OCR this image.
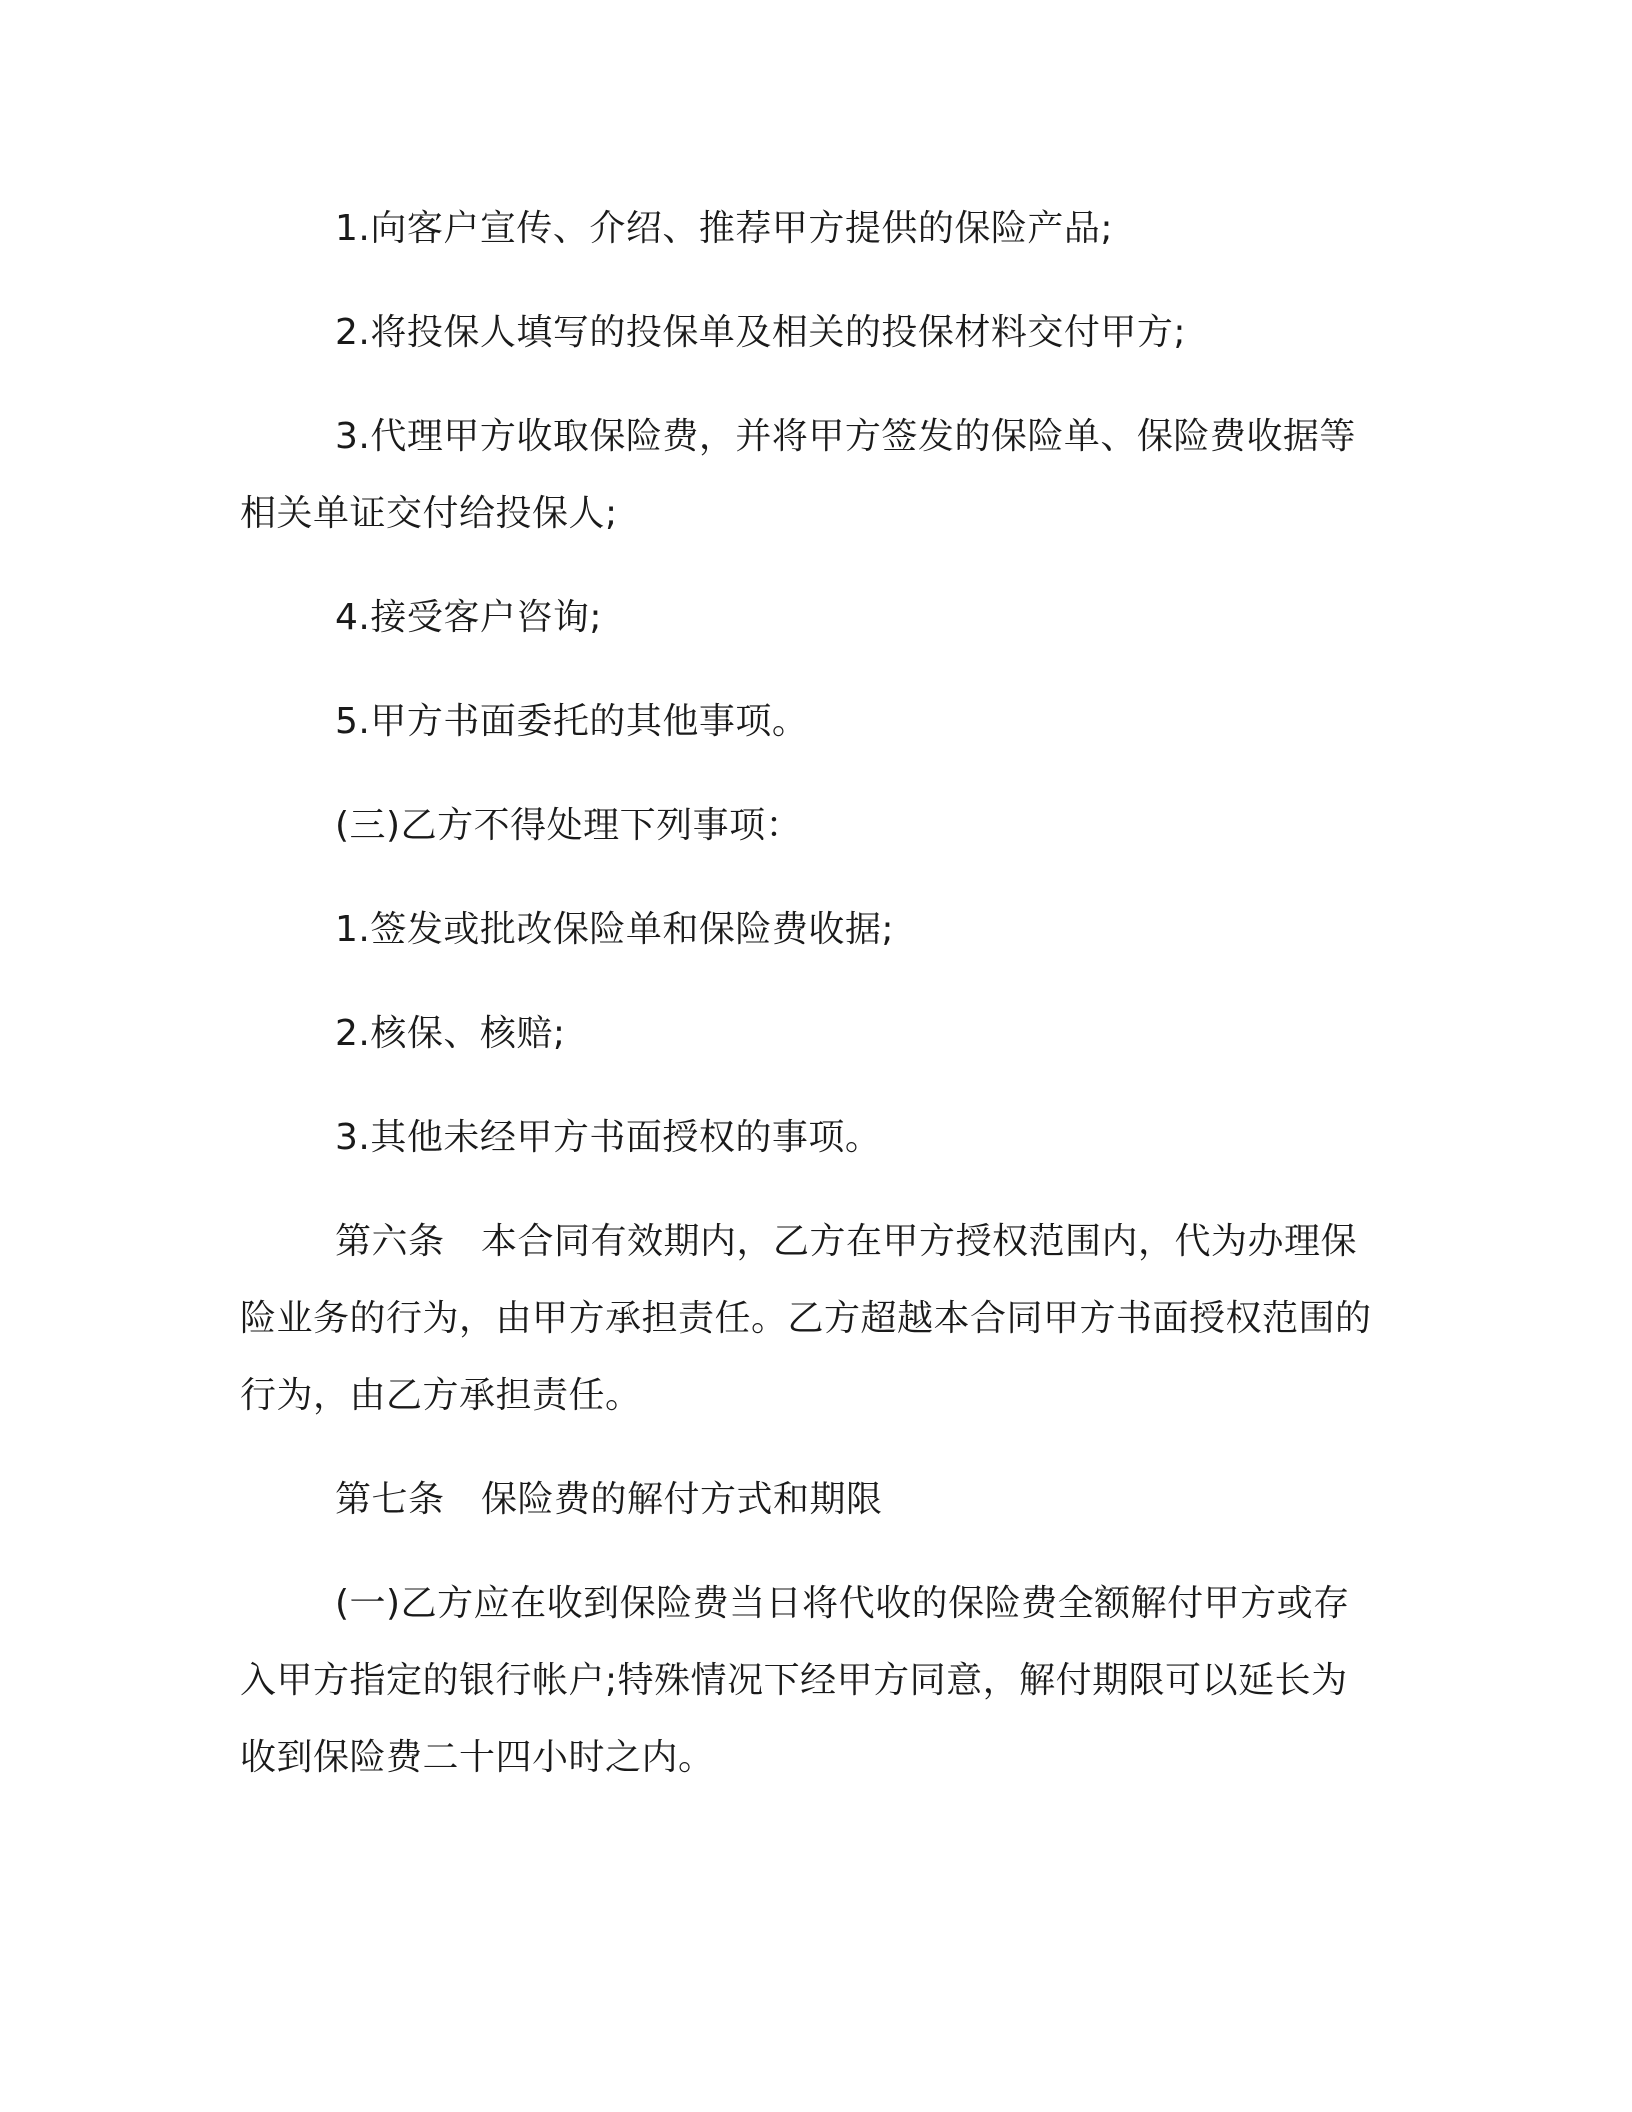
1.向客户宣传、介绍、推荐甲方提供的保险产品;

2.将投保人填写的投保单及相关的投保材料交付甲方;

3.代理甲方收取保险费，并将甲方签发的保险单、保险费收据等相关单证交付给投保人;

4.接受客户咨询;

5.甲方书面委托的其他事项。

(三)乙方不得处理下列事项：

1.签发或批改保险单和保险费收据;

2.核保、核赔;

3.其他未经甲方书面授权的事项。

第六条　本合同有效期内，乙方在甲方授权范围内，代为办理保险业务的行为，由甲方承担责任。乙方超越本合同甲方书面授权范围的行为，由乙方承担责任。

第七条　保险费的解付方式和期限

(一)乙方应在收到保险费当日将代收的保险费全额解付甲方或存入甲方指定的银行帐户;特殊情况下经甲方同意，解付期限可以延长为收到保险费二十四小时之内。
